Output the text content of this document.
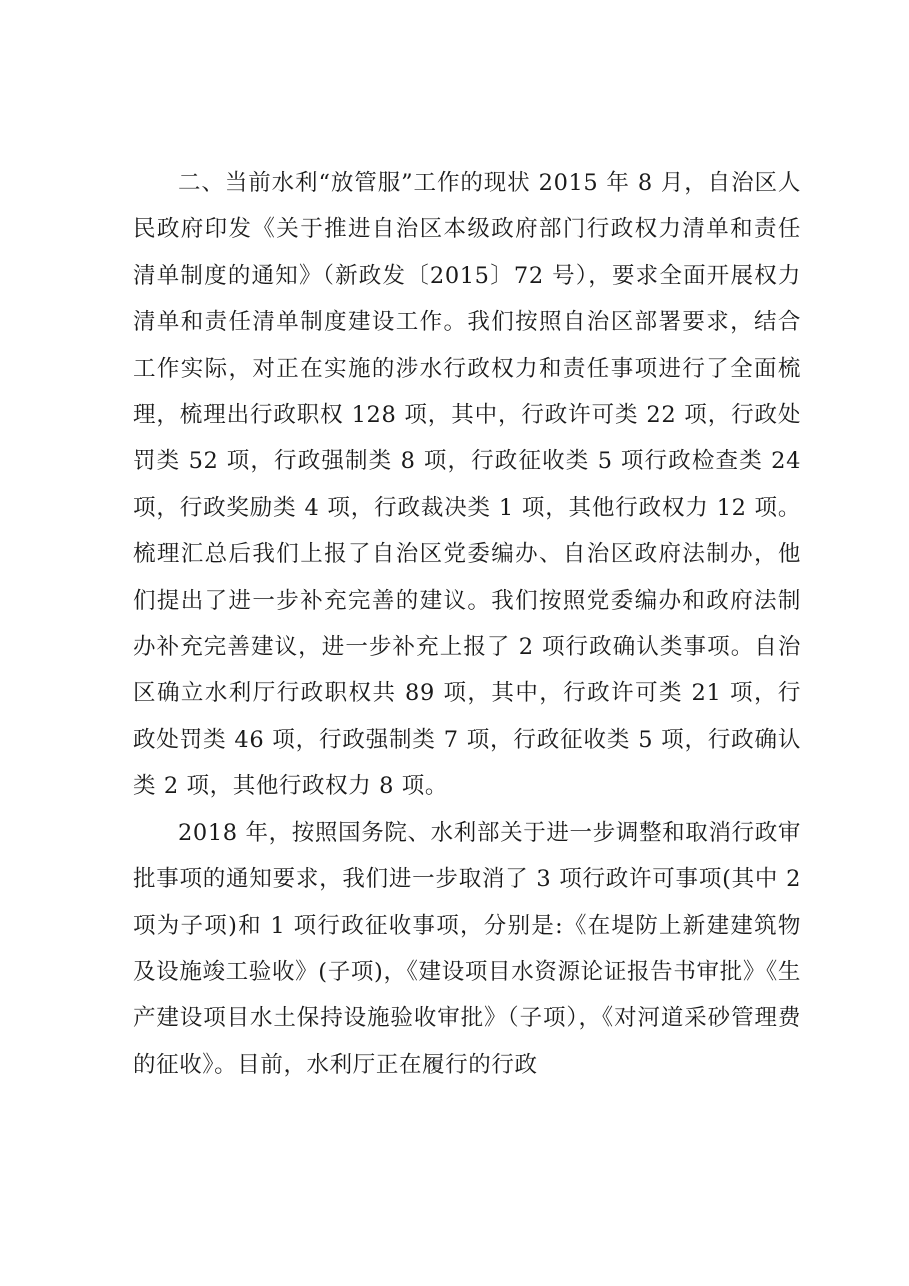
二、当前水利“放管服”工作的现状 2015 年 8 月，自治区人民政府印发《关于推进自治区本级政府部门行政权力清单和责任清单制度的通知》（新政发〔2015〕72 号），要求全面开展权力清单和责任清单制度建设工作。我们按照自治区部署要求，结合工作实际，对正在实施的涉水行政权力和责任事项进行了全面梳理，梳理出行政职权 128 项，其中，行政许可类 22 项，行政处罚类 52 项，行政强制类 8 项，行政征收类 5 项行政检查类 24 项，行政奖励类 4 项，行政裁决类 1 项，其他行政权力 12 项。梳理汇总后我们上报了自治区党委编办、自治区政府法制办，他们提出了进一步补充完善的建议。我们按照党委编办和政府法制办补充完善建议，进一步补充上报了 2 项行政确认类事项。自治区确立水利厅行政职权共 89 项，其中，行政许可类 21 项，行政处罚类 46 项，行政强制类 7 项，行政征收类 5 项，行政确认类 2 项，其他行政权力 8 项。

2018 年，按照国务院、水利部关于进一步调整和取消行政审批事项的通知要求，我们进一步取消了 3 项行政许可事项(其中 2 项为子项)和 1 项行政征收事项，分别是:《在堤防上新建建筑物及设施竣工验收》(子项)，《建设项目水资源论证报告书审批》《生产建设项目水土保持设施验收审批》（子项），《对河道采砂管理费的征收》。目前，水利厅正在履行的行政
